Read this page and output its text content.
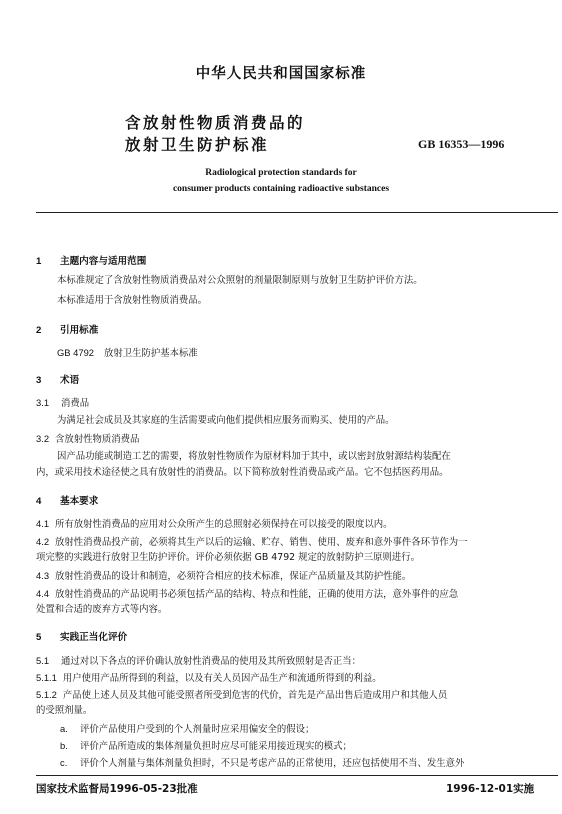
中华人民共和国国家标准
含放射性物质消费品的
放射卫生防护标准	GB 16353—1996
Radiological protection standards for
consumer products containing radioactive substances
1 主题内容与适用范围
本标准规定了含放射性物质消费品对公众照射的剂量限制原则与放射卫生防护评价方法。
本标准适用于含放射性物质消费品。
2 引用标准
GB 4792 放射卫生防护基本标准
3 术语
3.1 消费品
为满足社会成员及其家庭的生活需要或向他们提供相应服务而购买、使用的产品。
3.2 含放射性物质消费品
因产品功能或制造工艺的需要，将放射性物质作为原材料加于其中，或以密封放射源结构装配在
内，或采用技术途径使之具有放射性的消费品。以下简称放射性消费品或产品。它不包括医药用品。
4 基本要求
4.1 所有放射性消费品的应用对公众所产生的总照射必须保持在可以接受的限度以内。
4.2 放射性消费品投产前，必须将其生产以后的运输、贮存、销售、使用、废弃和意外事件各环节作为一
项完整的实践进行放射卫生防护评价。评价必须依据 GB 4792 规定的放射防护三原则进行。
4.3 放射性消费品的设计和制造，必须符合相应的技术标准，保证产品质量及其防护性能。
4.4 放射性消费品的产品说明书必须包括产品的结构、特点和性能，正确的使用方法，意外事件的应急
处置和合适的废弃方式等内容。
5 实践正当化评价
5.1 通过对以下各点的评价确认放射性消费品的使用及其所致照射是否正当：
5.1.1 用户使用产品所得到的利益，以及有关人员因产品生产和流通所得到的利益。
5.1.2 产品使上述人员及其他可能受照者所受到危害的代价，首先是产品出售后造成用户和其他人员
的受照剂量。
a. 评价产品使用户受到的个人剂量时应采用偏安全的假设；
b. 评价产品所造成的集体剂量负担时应尽可能采用接近现实的模式；
c. 评价个人剂量与集体剂量负担时，不只是考虑产品的正常使用，还应包括使用不当、发生意外
国家技术监督局1996-05-23批准	1996-12-01实施
